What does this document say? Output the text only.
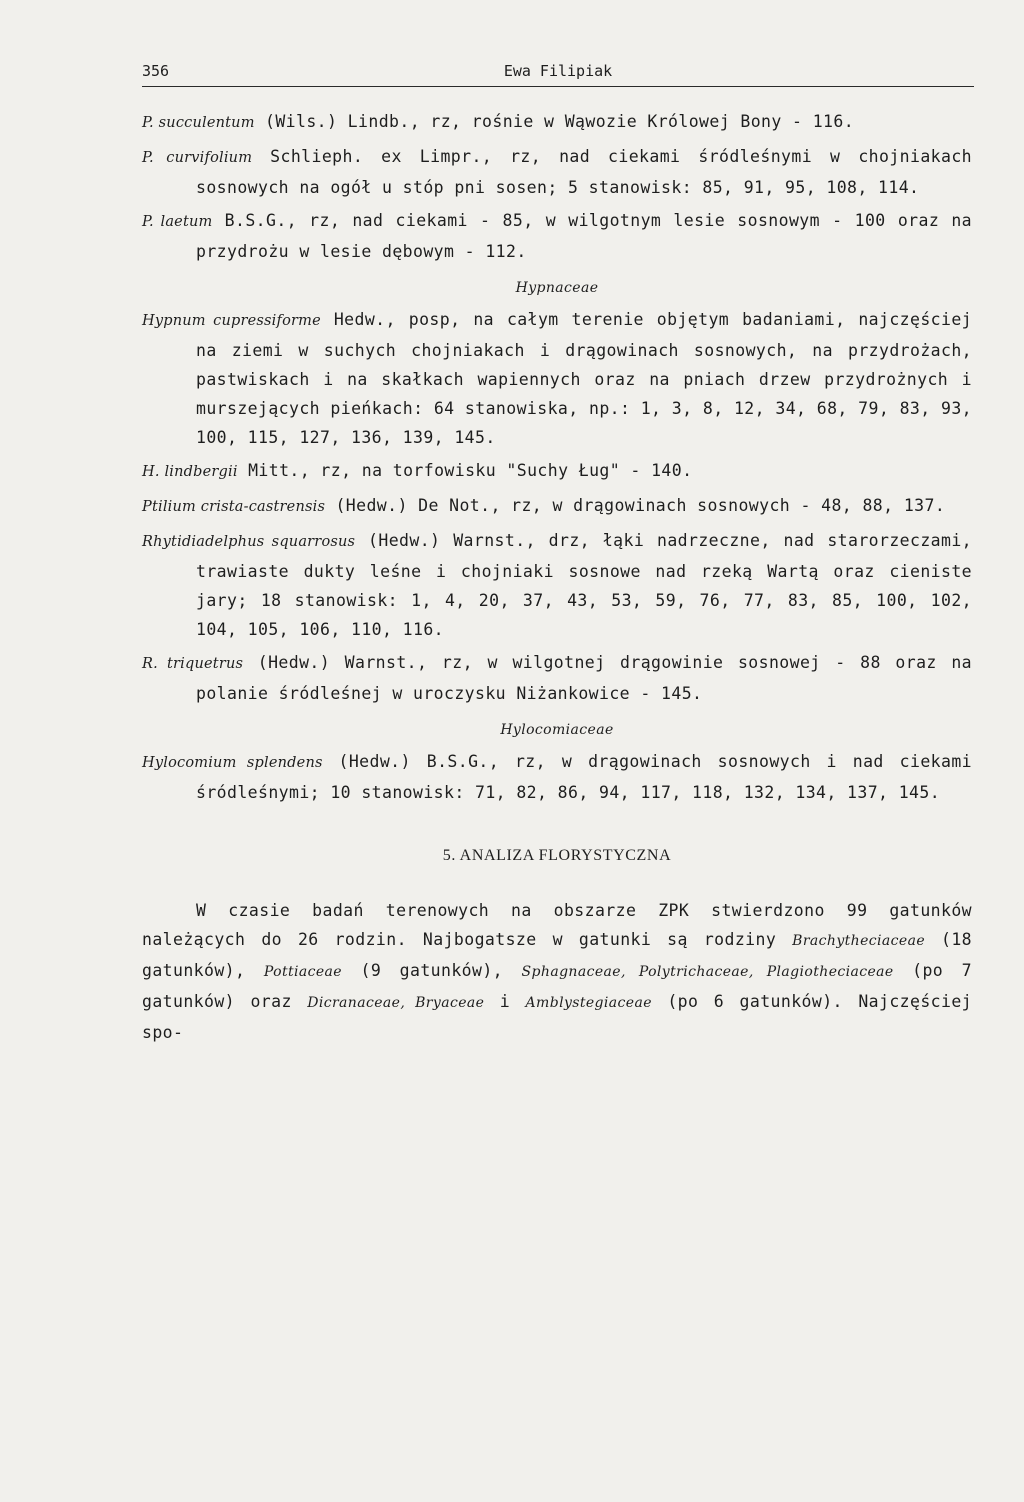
356	Ewa Filipiak

P. succulentum (Wils.) Lindb., rz, rośnie w Wąwozie Królowej Bony - 116.

P. curvifolium Schlieph. ex Limpr., rz, nad ciekami śródleśnymi w chojniakach sosnowych na ogół u stóp pni sosen; 5 stanowisk: 85, 91, 95, 108, 114.

P. laetum B.S.G., rz, nad ciekami - 85, w wilgotnym lesie sosnowym - 100 oraz na przydrożu w lesie dębowym - 112.

Hypnaceae

Hypnum cupressiforme Hedw., posp, na całym terenie objętym badaniami, najczęściej na ziemi w suchych chojniakach i drągowinach sosnowych, na przydrożach, pastwiskach i na skałkach wapiennych oraz na pniach drzew przydrożnych i murszejących pieńkach: 64 stanowiska, np.: 1, 3, 8, 12, 34, 68, 79, 83, 93, 100, 115, 127, 136, 139, 145.

H. lindbergii Mitt., rz, na torfowisku "Suchy Ług" - 140.

Ptilium crista-castrensis (Hedw.) De Not., rz, w drągowinach sosnowych - 48, 88, 137.

Rhytidiadelphus squarrosus (Hedw.) Warnst., drz, łąki nadrzeczne, nad starorzeczami, trawiaste dukty leśne i chojniaki sosnowe nad rzeką Wartą oraz cieniste jary; 18 stanowisk: 1, 4, 20, 37, 43, 53, 59, 76, 77, 83, 85, 100, 102, 104, 105, 106, 110, 116.

R. triquetrus (Hedw.) Warnst., rz, w wilgotnej drągowinie sosnowej - 88 oraz na polanie śródleśnej w uroczysku Niżankowice - 145.

Hylocomiaceae

Hylocomium splendens (Hedw.) B.S.G., rz, w drągowinach sosnowych i nad ciekami śródleśnymi; 10 stanowisk: 71, 82, 86, 94, 117, 118, 132, 134, 137, 145.

5. ANALIZA FLORYSTYCZNA

W czasie badań terenowych na obszarze ZPK stwierdzono 99 gatunków należących do 26 rodzin. Najbogatsze w gatunki są rodziny Brachytheciaceae (18 gatunków), Pottiaceae (9 gatunków), Sphagnaceae, Polytrichaceae, Plagiotheciaceae (po 7 gatunków) oraz Dicranaceae, Bryaceae i Amblystegiaceae (po 6 gatunków). Najczęściej spo-
